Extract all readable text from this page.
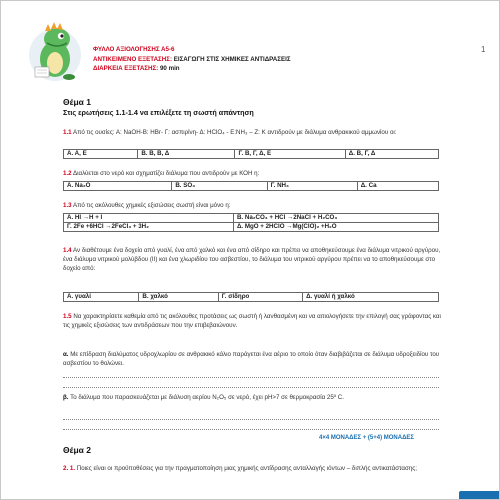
ΦΥΛΛΟ ΑΞΙΟΛΟΓΗΣΗΣ Α5-6
ΑΝΤΙΚΕΙΜΕΝΟ ΕΞΕΤΑΣΗΣ: ΕΙΣΑΓΩΓΗ ΣΤΙΣ ΧΗΜΙΚΕΣ ΑΝΤΙΔΡΑΣΕΙΣ
ΔΙΑΡΚΕΙΑ ΕΞΕΤΑΣΗΣ: 90 min
1
Θέμα 1
Στις ερωτήσεις 1.1-1.4 να επιλέξετε τη σωστή απάντηση
1.1 Από τις ουσίες: Α: NaOH-B: HBr- Γ: ασπιρίνη- Δ: HClO₄ - E:NH₃ – Z: K αντιδρούν με διάλυμα ανθρακικού αμμωνίου οι:
Α. Α, Ε	Β. Β, Β, Δ	Γ. Β, Γ, Δ, Ε	Δ. Β, Γ, Δ
1.2 Διαλύεται στο νερό και σχηματίζει διάλυμα που αντιδρούν με ΚΟΗ η:
Α. Na₂O	Β. SO₃	Γ. NH₃	Δ. Ca
1.3 Από τις ακόλουθες χημικές εξισώσεις σωστή είναι μόνο η:
Α. HI →H + I	Β. Na₂CO₃ + HCl →2NaCl + H₂CO₃
Γ. 2Fe +6HCl →2FeCl₃ + 3H₂	Δ. MgO + 2HClO →Mg(ClO)₂ +H₂O
1.4 Αν διαθέτουμε ένα δοχείο από γυαλί, ένα από χαλκό και ένα από σίδηρο και πρέπει να αποθηκεύσουμε ένα διάλυμα νιτρικού αργύρου, ένα διάλυμα νιτρικού μολύβδου (ΙΙ) και ένα χλωριδίου του ασβεστίου, το διάλυμα του νιτρικού αργύρου πρέπει να το αποθηκεύσουμε στο δοχείο από:
Α. γυαλί	Β. χαλκό	Γ. σίδηρο	Δ. γυαλί ή χαλκό
1.5 Να χαρακτηρίσετε καθεμία από τις ακόλουθες προτάσεις ως σωστή ή λανθασμένη και να αιτιολογήσετε την επιλογή σας γράφοντας και τις χημικές εξισώσεις των αντιδράσεων που την επιβεβαιώνουν.
α. Με επίδραση διαλύματος υδροχλωρίου σε ανθρακικό κάλιο παράγεται ένα αέριο το οποίο όταν διαβιβάζεται σε διάλυμα υδροξειδίου του ασβεστίου το θολώνει.
β. Το διάλυμα που παρασκευάζεται με διάλυση αερίου N₂O₅ σε νερό, έχει pH>7 σε θερμοκρασία 25º C.
4×4 ΜΟΝΑΔΕΣ + (5+4) ΜΟΝΑΔΕΣ
Θέμα 2
2. 1. Ποιες είναι οι προϋποθέσεις για την πραγματοποίηση μιας χημικής αντίδρασης ανταλλαγής ιόντων – διπλής αντικατάστασης;
